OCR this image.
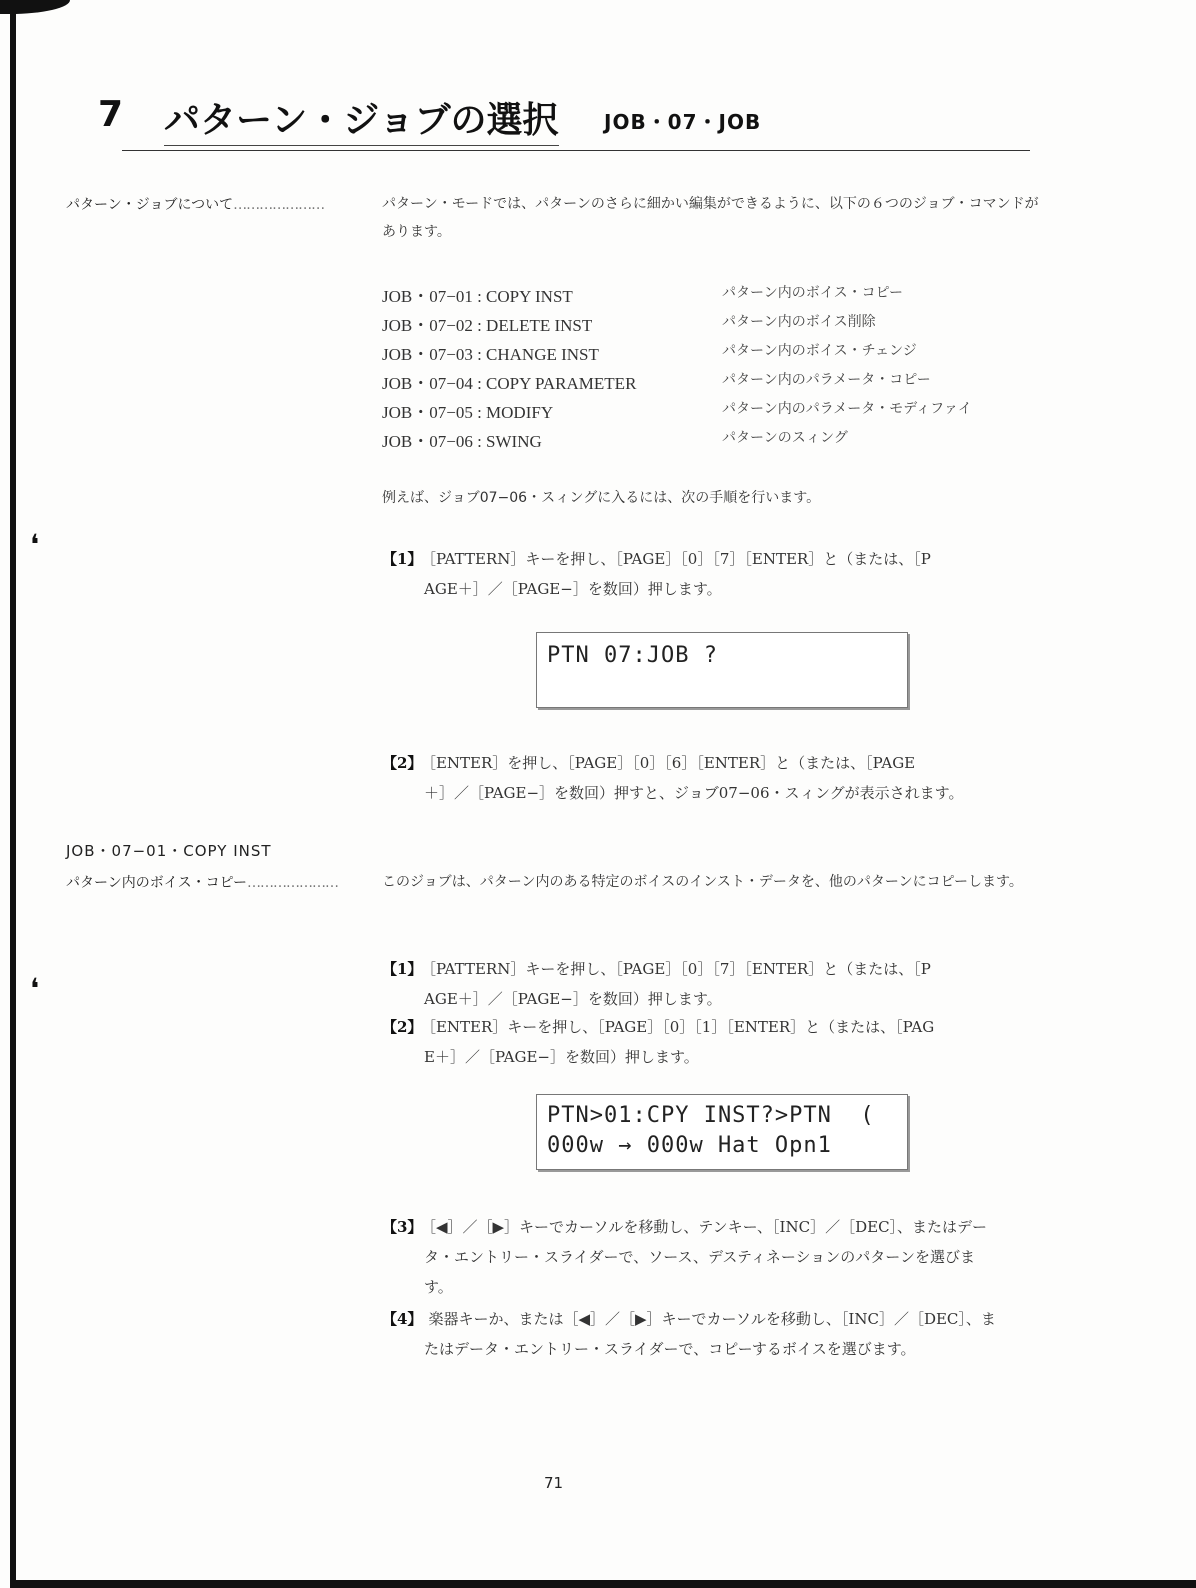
❛
❛
7 パターン・ジョブの選択 JOB・07・JOB
パターン・ジョブについて…………………	パターン・モードでは、パターンのさらに細かい編集ができるように、以下の６つのジョブ・コマンドがあります。
JOB・07−01 : COPY INST	パターン内のボイス・コピー
JOB・07−02 : DELETE INST	パターン内のボイス削除
JOB・07−03 : CHANGE INST	パターン内のボイス・チェンジ
JOB・07−04 : COPY PARAMETER	パターン内のパラメータ・コピー
JOB・07−05 : MODIFY	パターン内のパラメータ・モディファイ
JOB・07−06 : SWING	パターンのスィング
例えば、ジョブ07−06・スィングに入るには、次の手順を行います。
【1】 ［PATTERN］キーを押し、［PAGE］［0］［7］［ENTER］と（または、［P
AGE＋］／［PAGE−］を数回）押します。
PTN 07:JOB ?
【2】 ［ENTER］を押し、［PAGE］［0］［6］［ENTER］と（または、［PAGE
＋］／［PAGE−］を数回）押すと、ジョブ07−06・スィングが表示されます。
JOB・07−01・COPY INST
パターン内のボイス・コピー…………………	このジョブは、パターン内のある特定のボイスのインスト・データを、他のパターンにコピーします。
【1】 ［PATTERN］キーを押し、［PAGE］［0］［7］［ENTER］と（または、［P
AGE＋］／［PAGE−］を数回）押します。
【2】 ［ENTER］キーを押し、［PAGE］［0］［1］［ENTER］と（または、［PAG
E＋］／［PAGE−］を数回）押します。
PTN>01:CPY INST?>PTN  (
000w → 000w Hat Opn1
【3】 ［◀］／［▶］キーでカーソルを移動し、テンキー、［INC］／［DEC］、またはデー
タ・エントリー・スライダーで、ソース、デスティネーションのパターンを選びま
す。
【4】 楽器キーか、または［◀］／［▶］キーでカーソルを移動し、［INC］／［DEC］、ま
たはデータ・エントリー・スライダーで、コピーするボイスを選びます。
71
